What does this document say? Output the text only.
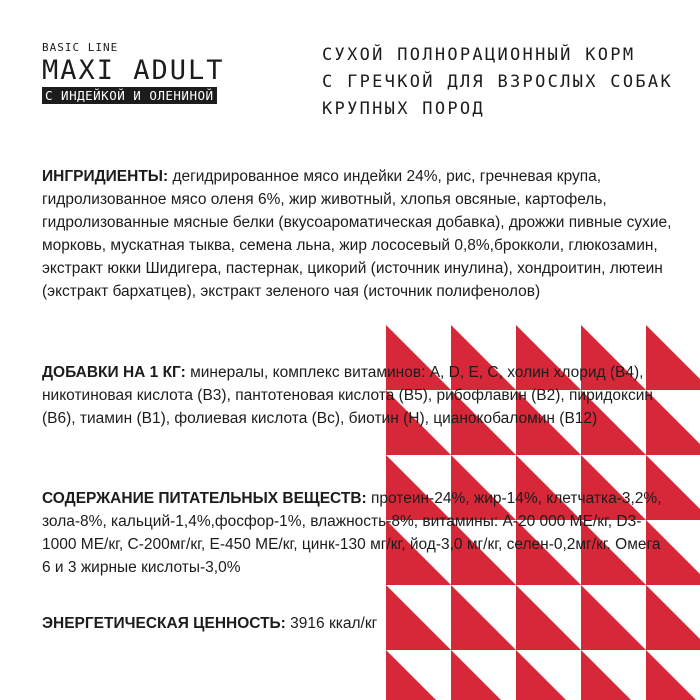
BASIC LINE
MAXI ADULT
С ИНДЕЙКОЙ И ОЛЕНИНОЙ
СУХОЙ ПОЛНОРАЦИОННЫЙ КОРМ
С ГРЕЧКОЙ ДЛЯ ВЗРОСЛЫХ СОБАК
КРУПНЫХ ПОРОД
ИНГРИДИЕНТЫ: дегидрированное мясо индейки 24%, рис, гречневая крупа, гидролизованное мясо оленя 6%, жир животный, хлопья овсяные, картофель, гидролизованные мясные белки (вкусоароматическая добавка), дрожжи пивные сухие, морковь, мускатная тыква, семена льна, жир лососевый 0,8%,брокколи, глюкозамин, экстракт юкки Шидигера, пастернак, цикорий (источник инулина), хондроитин, лютеин (экстракт бархатцев), экстракт зеленого чая (источник полифенолов)
ДОБАВКИ НА 1 КГ: минералы, комплекс витаминов: A, D, E, C, холин хлорид (B4), никотиновая кислота (B3), пантотеновая кислота (B5), рибофлавин (B2), пиридоксин (B6), тиамин (B1), фолиевая кислота (Bc), биотин (H), цианокобаломин (B12)
СОДЕРЖАНИЕ ПИТАТЕЛЬНЫХ ВЕЩЕСТВ: протеин-24%, жир-14%, клетчатка-3,2%, зола-8%, кальций-1,4%,фосфор-1%, влажность-8%, витамины: А-20 000 МЕ/кг, D3-1000 МЕ/кг, С-200мг/кг, Е-450 МЕ/кг, цинк-130 мг/кг, йод-3,0 мг/кг, селен-0,2мг/кг. Омега 6 и 3 жирные кислоты-3,0%
ЭНЕРГЕТИЧЕСКАЯ ЦЕННОСТЬ: 3916 ккал/кг
